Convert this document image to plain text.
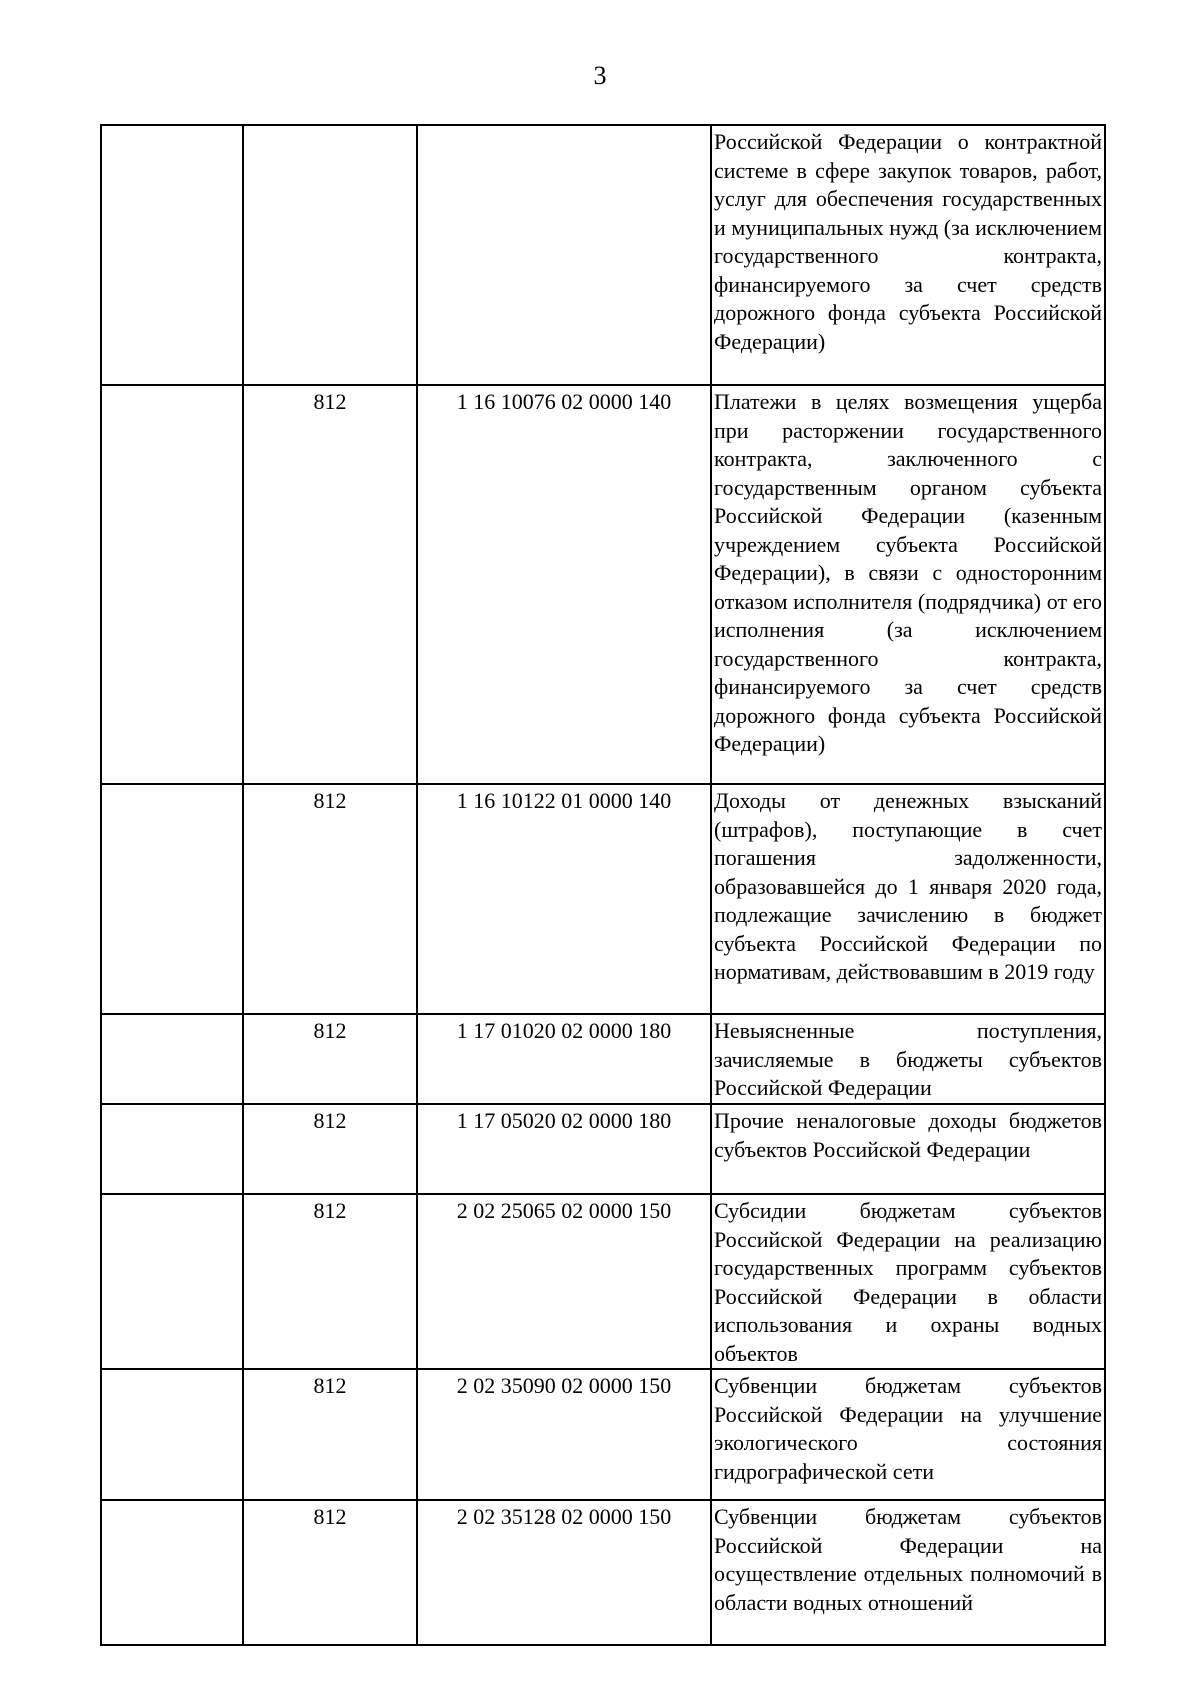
3
			Российской Федерации о контрактной системе в сфере закупок товаров, работ, услуг для обеспечения государственных и муниципальных нужд (за исключением государственного контракта, финансируемого за счет средств дорожного фонда субъекта Российской Федерации)
	812	1 16 10076 02 0000 140	Платежи в целях возмещения ущерба при расторжении государственного контракта, заключенного с государственным органом субъекта Российской Федерации (казенным учреждением субъекта Российской Федерации), в связи с односторонним отказом исполнителя (подрядчика) от его исполнения (за исключением государственного контракта, финансируемого за счет средств дорожного фонда субъекта Российской Федерации)
	812	1 16 10122 01 0000 140	Доходы от денежных взысканий (штрафов), поступающие в счет погашения задолженности, образовавшейся до 1 января 2020 года, подлежащие зачислению в бюджет субъекта Российской Федерации по нормативам, действовавшим в 2019 году
	812	1 17 01020 02 0000 180	Невыясненные поступления, зачисляемые в бюджеты субъектов Российской Федерации
	812	1 17 05020 02 0000 180	Прочие неналоговые доходы бюджетов субъектов Российской Федерации
	812	2 02 25065 02 0000 150	Субсидии бюджетам субъектов Российской Федерации на реализацию государственных программ субъектов Российской Федерации в области использования и охраны водных объектов
	812	2 02 35090 02 0000 150	Субвенции бюджетам субъектов Российской Федерации на улучшение экологического состояния гидрографической сети
	812	2 02 35128 02 0000 150	Субвенции бюджетам субъектов Российской Федерации на осуществление отдельных полномочий в области водных отношений
